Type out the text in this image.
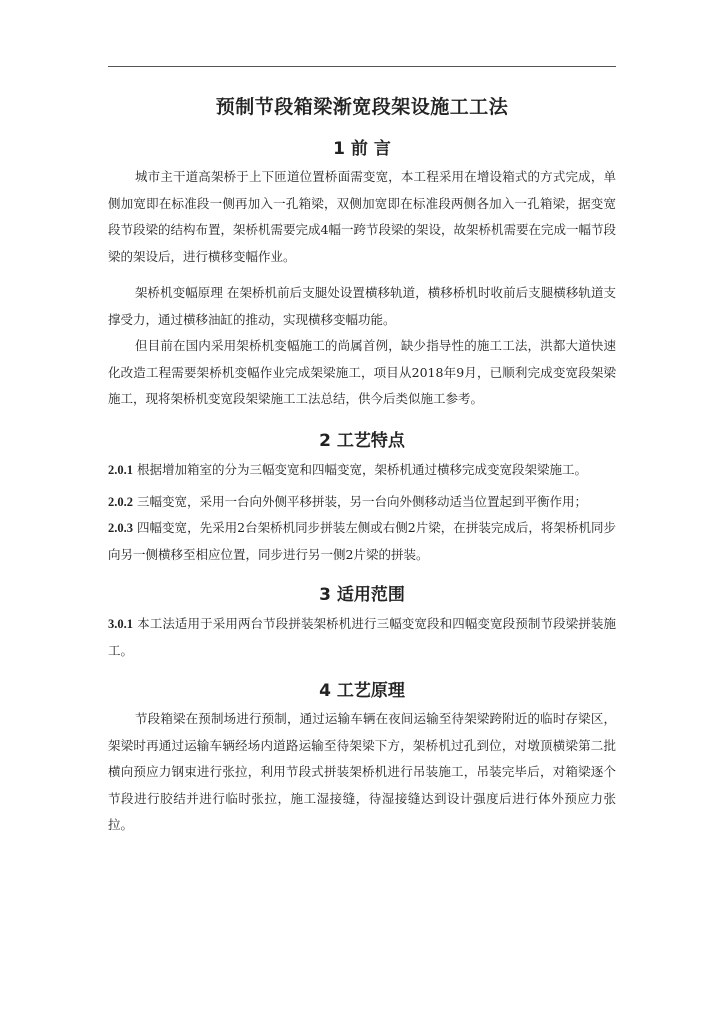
预制节段箱梁渐宽段架设施工工法
1 前 言

城市主干道高架桥于上下匝道位置桥面需变宽，本工程采用在增设箱式的方式完成，单侧加宽即在标准段一侧再加入一孔箱梁，双侧加宽即在标准段两侧各加入一孔箱梁，据变宽段节段梁的结构布置，架桥机需要完成4幅一跨节段梁的架设，故架桥机需要在完成一幅节段梁的架设后，进行横移变幅作业。

架桥机变幅原理 在架桥机前后支腿处设置横移轨道，横移桥机时收前后支腿横移轨道支撑受力，通过横移油缸的推动，实现横移变幅功能。

但目前在国内采用架桥机变幅施工的尚属首例，缺少指导性的施工工法，洪都大道快速化改造工程需要架桥机变幅作业完成架梁施工，项目从2018年9月，已顺利完成变宽段架梁施工，现将架桥机变宽段架梁施工工法总结，供今后类似施工参考。

2 工艺特点

2.0.1 根据增加箱室的分为三幅变宽和四幅变宽，架桥机通过横移完成变宽段架梁施工。

2.0.2 三幅变宽，采用一台向外侧平移拼装，另一台向外侧移动适当位置起到平衡作用；

2.0.3 四幅变宽，先采用2台架桥机同步拼装左侧或右侧2片梁，在拼装完成后，将架桥机同步向另一侧横移至相应位置，同步进行另一侧2片梁的拼装。

3 适用范围

3.0.1 本工法适用于采用两台节段拼装架桥机进行三幅变宽段和四幅变宽段预制节段梁拼装施工。

4 工艺原理

节段箱梁在预制场进行预制，通过运输车辆在夜间运输至待架梁跨附近的临时存梁区，架梁时再通过运输车辆经场内道路运输至待架梁下方，架桥机过孔到位，对墩顶横梁第二批横向预应力钢束进行张拉，利用节段式拼装架桥机进行吊装施工，吊装完毕后，对箱梁逐个节段进行胶结并进行临时张拉，施工湿接缝，待湿接缝达到设计强度后进行体外预应力张拉。
